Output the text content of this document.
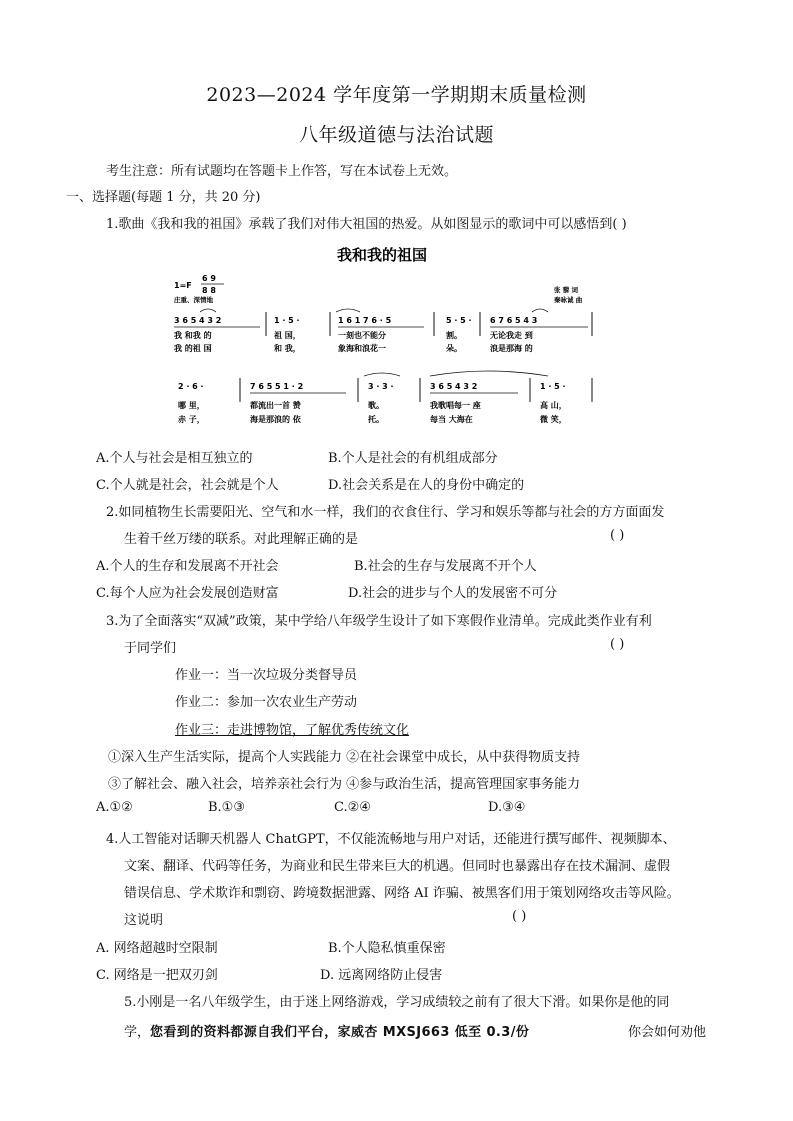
2023—2024 学年度第一学期期末质量检测
八年级道德与法治试题
考生注意：所有试题均在答题卡上作答，写在本试卷上无效。
一、选择题(每题 1 分，共 20 分)
1.歌曲《我和我的祖国》承载了我们对伟大祖国的热爱。从如图显示的歌词中可以感悟到( )
我和我的祖国
1=F
6 9
8 8
庄重、深情地
张 藜 词
秦咏诚 曲
3 6 5 4 3 2	1 · 5 ·	1 6 1 7 6 · 5	5 · 5 · 6 7 6 5 4 3
我 和我 的	祖 国，	一刻也不能分	割。	无论我走 到
我 的祖 国	和 我，	象海和浪花一	朵。	浪是那海 的
2 · 6 ·	7 6 5 5 1 · 2	3 · 3 ·	3 6 5 4 3 2	1 · 5 ·
哪 里，	都流出一首 赞	歌。	我歌唱每一 座	高 山，
赤 子，	海是那浪的 依	托。	每当 大海在	微 笑，
A.个人与社会是相互独立的	B.个人是社会的有机组成部分
C.个人就是社会，社会就是个人	D.社会关系是在人的身份中确定的
2.如同植物生长需要阳光、空气和水一样，我们的衣食住行、学习和娱乐等都与社会的方方面面发
生着千丝万缕的联系。对此理解正确的是	( )
A.个人的生存和发展离不开社会	B.社会的生存与发展离不开个人
C.每个人应为社会发展创造财富	D.社会的进步与个人的发展密不可分
3.为了全面落实“双减”政策，某中学给八年级学生设计了如下寒假作业清单。完成此类作业有利
于同学们	( )
作业一：当一次垃圾分类督导员
作业二：参加一次农业生产劳动
作业三：走进博物馆，了解优秀传统文化
①深入生产生活实际，提高个人实践能力 ②在社会课堂中成长，从中获得物质支持
③了解社会、融入社会，培养亲社会行为 ④参与政治生活，提高管理国家事务能力
A.①②	B.①③	C.②④	D.③④
4.人工智能对话聊天机器人 ChatGPT，不仅能流畅地与用户对话，还能进行撰写邮件、视频脚本、
文案、翻译、代码等任务，为商业和民生带来巨大的机遇。但同时也暴露出存在技术漏洞、虚假
错误信息、学术欺诈和剽窃、跨境数据泄露、网络 AI 诈骗、被黑客们用于策划网络攻击等风险。
这说明	( )
A. 网络超越时空限制	B.个人隐私慎重保密
C. 网络是一把双刃剑	D. 远离网络防止侵害
5.小刚是一名八年级学生，由于迷上网络游戏，学习成绩较之前有了很大下滑。如果你是他的同
学， 您看到的资料都源自我们平台，家威杏 MXSJ663 低至 0.3/份	你会如何劝他
